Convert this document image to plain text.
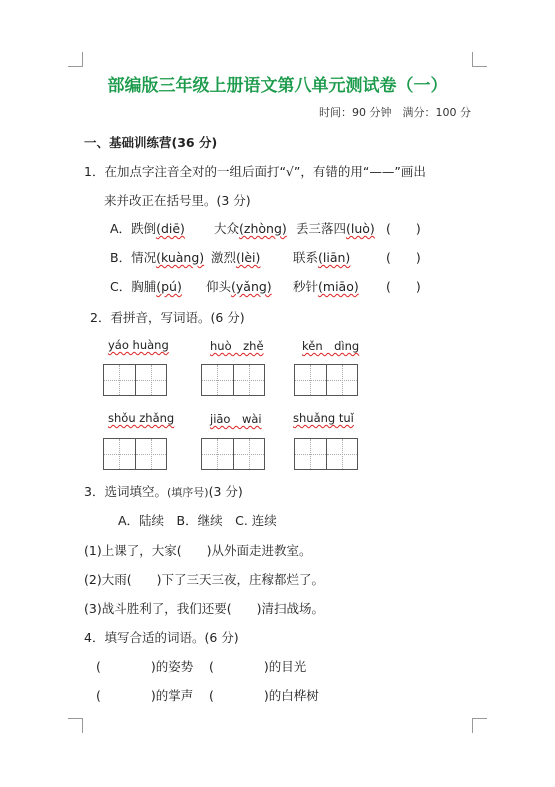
部编版三年级上册语文第八单元测试卷（一）
时间：90 分钟　满分：100 分
一、基础训练营(36 分)
1．在加点字注音全对的一组后面打“√”，有错的用“——”画出
来并改正在括号里。(3 分)
A．跌倒(diē) 大众(zhòng) 丢三落四(luò) (　　)
B．情况(kuàng) 激烈(lèi)	联系(liān)	(　　)
C．胸脯(pú) 仰头(yǎng) 秒针(miāo) (　　)
2．看拼音，写词语。(6 分)
yáo huàng	huò　zhě	kěn　dìng
shǒu zhǎng	jiāo　wài	shuǎng tuǐ
3．选词填空。(填序号)(3 分)
A．陆续　B．继续　C. 连续
(1)上课了，大家(　　)从外面走进教室。
(2)大雨(　　)下了三天三夜，庄稼都烂了。
(3)战斗胜利了，我们还要(　　)清扫战场。
4．填写合适的词语。(6 分)
(　　　　)的姿势 (　　　　)的目光
(　　　　)的掌声 (　　　　)的白桦树
